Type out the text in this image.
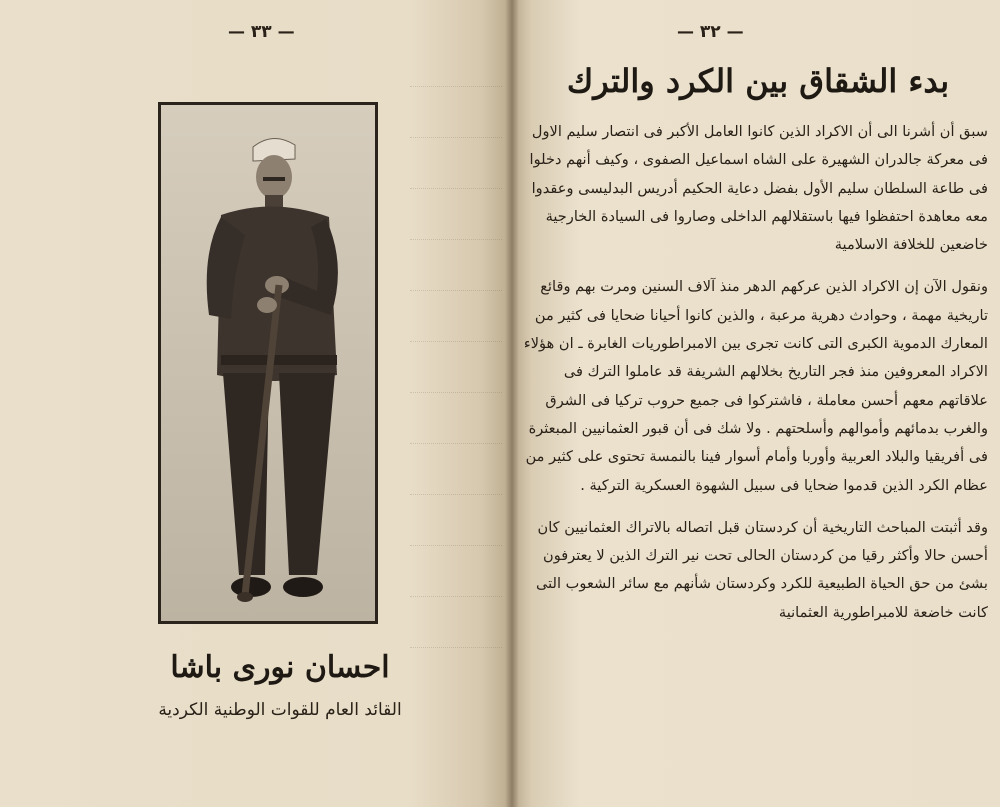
— ٣٣ —
احسان نوری باشا

القائد العام للقوات الوطنية الكردية

— ٣٢ —
بدء الشقاق بين الكرد والترك

سبق أن أشرنا الى أن الاكراد الذين كانوا العامل الأكبر فى انتصار سليم الاول فى معركة جالدران الشهيرة على الشاه اسماعيل الصفوى ، وكيف أنهم دخلوا فى طاعة السلطان سليم الأول بفضل دعاية الحكيم أدريس البدليسى وعقدوا معه معاهدة احتفظوا فيها باستقلالهم الداخلى وصاروا فى السيادة الخارجية خاضعين للخلافة الاسلامية

ونقول الآن إن الاكراد الذين عركهم الدهر منذ آلاف السنين ومرت بهم وقائع تاريخية مهمة ، وحوادث دهرية مرعبة ، والذين كانوا أحيانا ضحايا فى كثير من المعارك الدموية الكبرى التى كانت تجرى بين الامبراطوريات الغابرة ـ ان هؤلاء الاكراد المعروفين منذ فجر التاريخ بخلالهم الشريفة قد عاملوا الترك فى علاقاتهم معهم أحسن معاملة ، فاشتركوا فى جميع حروب تركيا فى الشرق والغرب بدمائهم وأموالهم وأسلحتهم . ولا شك فى أن قبور العثمانيين المبعثرة فى أفريقيا والبلاد العربية وأوربا وأمام أسوار فينا بالنمسة تحتوى على كثير من عظام الكرد الذين قدموا ضحايا فى سبيل الشهوة العسكرية التركية .

وقد أثبتت المباحث التاريخية أن كردستان قبل اتصاله بالاتراك العثمانيين كان أحسن حالا وأكثر رقيا من كردستان الحالى تحت نير الترك الذين لا يعترفون بشئ من حق الحياة الطبيعية للكرد وكردستان شأنهم مع سائر الشعوب التى كانت خاضعة للامبراطورية العثمانية
